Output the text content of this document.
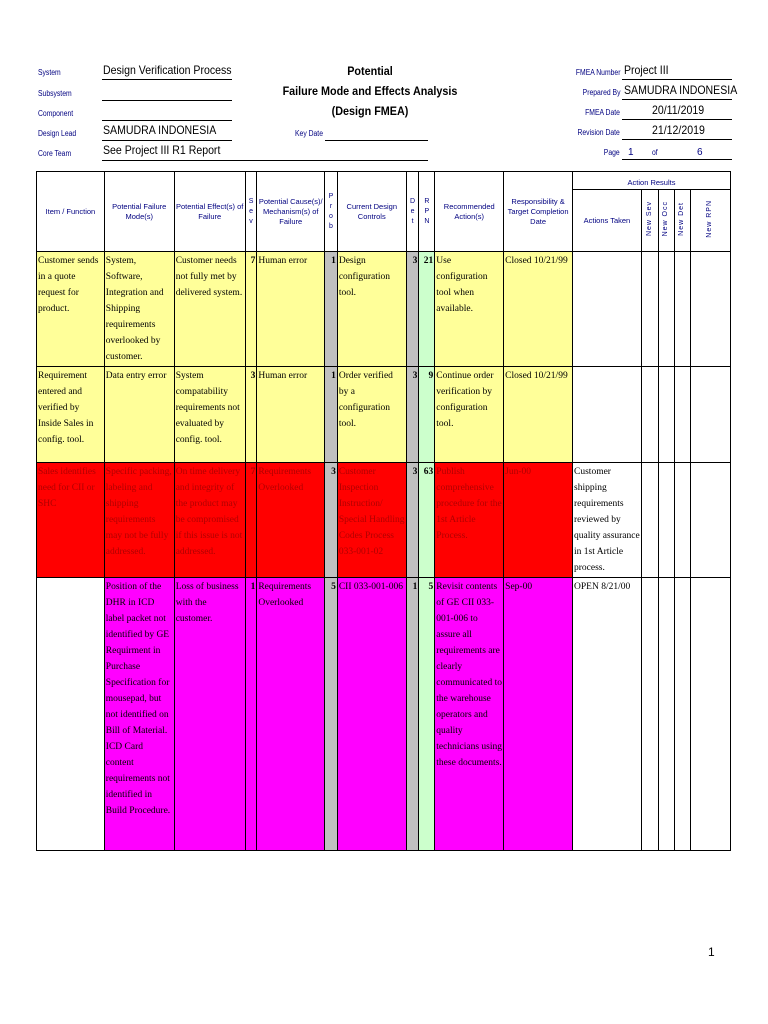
System	Design Verification Process
Subsystem
Component
Design Lead SAMUDRA INDONESIA
Core Team	See Project III R1 Report
Potential
Failure Mode and Effects Analysis
(Design FMEA)
Key Date
FMEA Number Project III
Prepared By SAMUDRA INDONESIA
FMEA Date	20/11/2019
Revision Date	21/12/2019
Page 1 of	6
Item / Function	Potential Failure Mode(s)	Potential Effect(s) of Failure	S e v	Potential Cause(s)/ Mechanism(s) of Failure	P r o b	Current Design Controls	D e t	R P N	Recommended Action(s)	Responsibility & Target Completion Date	Action Results				
											Actions Taken	New Sev	New Occ	New Det	New RPN
Customer sends in a quote request for product.	System, Software, Integration and Shipping requirements overlooked by customer.	Customer needs not fully met by delivered system.	7	Human error	1	Design configuration tool.	3	21	Use configuration tool when available.	Closed 10/21/99					
Requirement entered and verified by Inside Sales in config. tool.	Data entry error	System compatability requirements not evaluated by config. tool.	3	Human error	1	Order verified by a configuration tool.	3	9	Continue order verification by configuration tool.	Closed 10/21/99					
Sales identifies need for CII or SHC	Specific packing, labeling and shipping requirements may not be fully addressed.	On time delivery and integrity of the product may be compromised if this issue is not addressed.	7	Requirements Overlooked	3	Customer Inspection Instruction/ Special Handling Codes Process 033-001-02	3	63	Publish comprehensive procedure for the 1st Article Process.	Jun-00	Customer shipping requirements reviewed by quality assurance in 1st Article process.				
	Position of the DHR in ICD label packet not identified by GE Requirment in Purchase Specification for mousepad, but not identified on Bill of Material. ICD Card content requirements not identified in Build Procedure.	Loss of business with the customer.	1	Requirements Overlooked	5	CII 033-001-006	1	5	Revisit contents of GE CII 033-001-006 to assure all requirements are clearly communicated to the warehouse operators and quality technicians using these documents.	Sep-00	OPEN 8/21/00				
1
